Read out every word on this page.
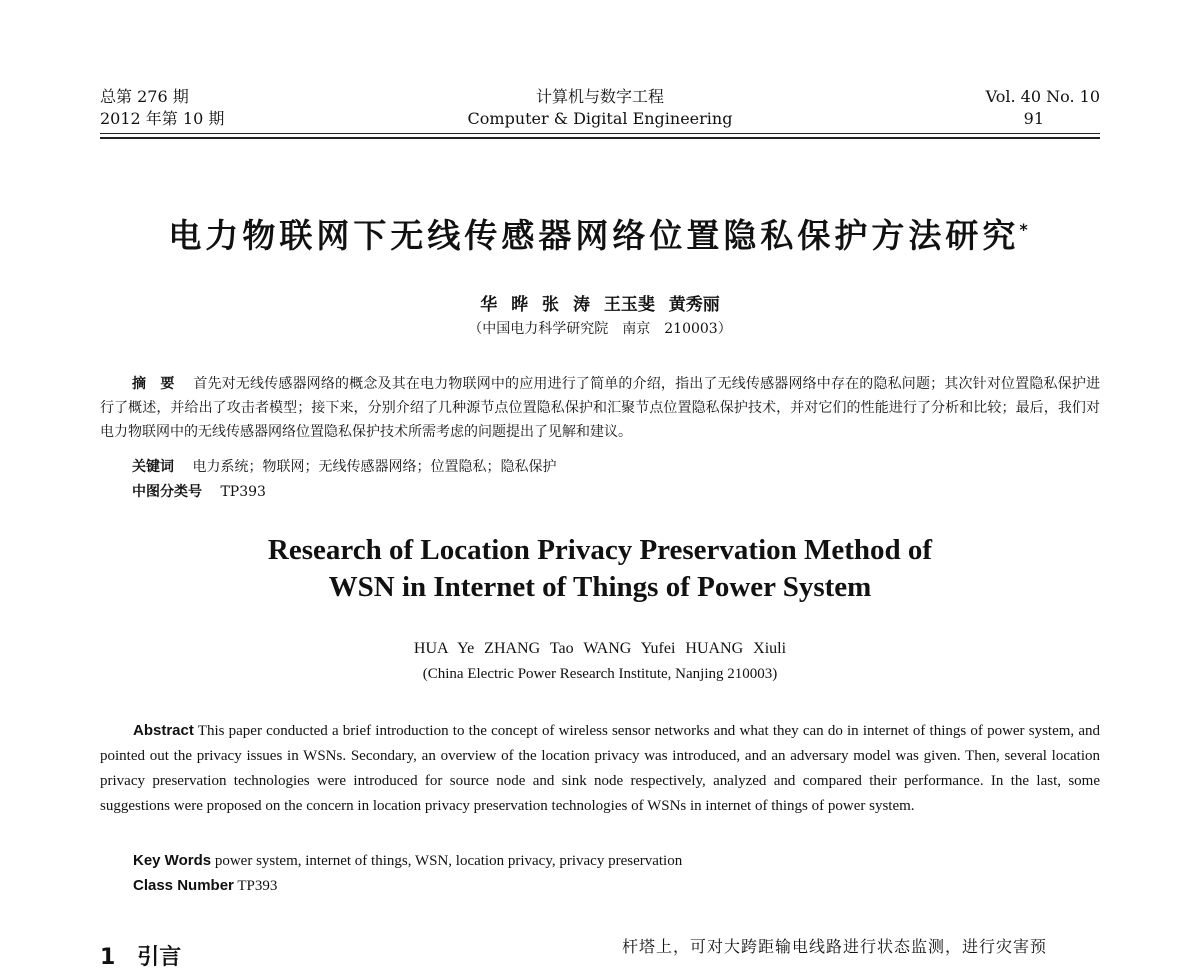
总第 276 期
2012 年第 10 期
计算机与数字工程
Computer & Digital Engineering
Vol. 40 No. 10
91
电力物联网下无线传感器网络位置隐私保护方法研究*
华 晔 张 涛 王玉斐 黄秀丽
（中国电力科学研究院　南京　210003）
摘　要 　 首先对无线传感器网络的概念及其在电力物联网中的应用进行了简单的介绍，指出了无线传感器网络中存在的隐私问题；其次针对位置隐私保护进行了概述，并给出了攻击者模型；接下来，分别介绍了几种源节点位置隐私保护和汇聚节点位置隐私保护技术，并对它们的性能进行了分析和比较；最后，我们对电力物联网中的无线传感器网络位置隐私保护技术所需考虑的问题提出了见解和建议。
关键词 　 电力系统；物联网；无线传感器网络；位置隐私；隐私保护
中图分类号 　 TP393
Research of Location Privacy Preservation Method of
WSN in Internet of Things of Power System
HUA Ye ZHANG Tao WANG Yufei HUANG Xiuli
(China Electric Power Research Institute, Nanjing 210003)
Abstract This paper conducted a brief introduction to the concept of wireless sensor networks and what they can do in internet of things of power system, and pointed out the privacy issues in WSNs. Secondary, an overview of the location privacy was introduced, and an adversary model was given. Then, several location privacy preservation technologies were introduced for source node and sink node respectively, analyzed and compared their performance. In the last, some suggestions were proposed on the concern in location privacy preservation technologies of WSNs in internet of things of power system.
Key Words power system, internet of things, WSN, location privacy, privacy preservation
Class Number TP393
1　引言	杆塔上，可对大跨距输电线路进行状态监测，进行灾害预
